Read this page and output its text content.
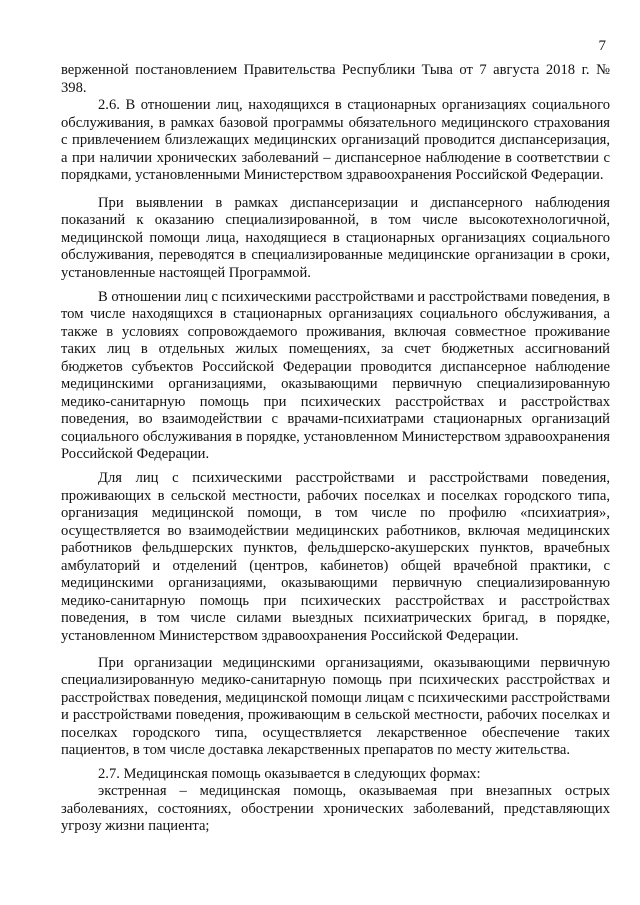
7

верженной постановлением Правительства Республики Тыва от 7 августа 2018 г. № 398.

2.6. В отношении лиц, находящихся в стационарных организациях социального обслуживания, в рамках базовой программы обязательного медицинского страхования с привлечением близлежащих медицинских организаций проводится диспансеризация, а при наличии хронических заболеваний – диспансерное наблюдение в соответствии с порядками, установленными Министерством здравоохранения Российской Федерации.

При выявлении в рамках диспансеризации и диспансерного наблюдения показаний к оказанию специализированной, в том числе высокотехнологичной, медицинской помощи лица, находящиеся в стационарных организациях социального обслуживания, переводятся в специализированные медицинские организации в сроки, установленные настоящей Программой.

В отношении лиц с психическими расстройствами и расстройствами поведения, в том числе находящихся в стационарных организациях социального обслуживания, а также в условиях сопровождаемого проживания, включая совместное проживание таких лиц в отдельных жилых помещениях, за счет бюджетных ассигнований бюджетов субъектов Российской Федерации проводится диспансерное наблюдение медицинскими организациями, оказывающими первичную специализированную медико-санитарную помощь при психических расстройствах и расстройствах поведения, во взаимодействии с врачами-психиатрами стационарных организаций социального обслуживания в порядке, установленном Министерством здравоохранения Российской Федерации.

Для лиц с психическими расстройствами и расстройствами поведения, проживающих в сельской местности, рабочих поселках и поселках городского типа, организация медицинской помощи, в том числе по профилю «психиатрия», осуществляется во взаимодействии медицинских работников, включая медицинских работников фельдшерских пунктов, фельдшерско-акушерских пунктов, врачебных амбулаторий и отделений (центров, кабинетов) общей врачебной практики, с медицинскими организациями, оказывающими первичную специализированную медико-санитарную помощь при психических расстройствах и расстройствах поведения, в том числе силами выездных психиатрических бригад, в порядке, установленном Министерством здравоохранения Российской Федерации.

При организации медицинскими организациями, оказывающими первичную специализированную медико-санитарную помощь при психических расстройствах и расстройствах поведения, медицинской помощи лицам с психическими расстройствами и расстройствами поведения, проживающим в сельской местности, рабочих поселках и поселках городского типа, осуществляется лекарственное обеспечение таких пациентов, в том числе доставка лекарственных препаратов по месту жительства.

2.7. Медицинская помощь оказывается в следующих формах:

экстренная – медицинская помощь, оказываемая при внезапных острых заболеваниях, состояниях, обострении хронических заболеваний, представляющих угрозу жизни пациента;
